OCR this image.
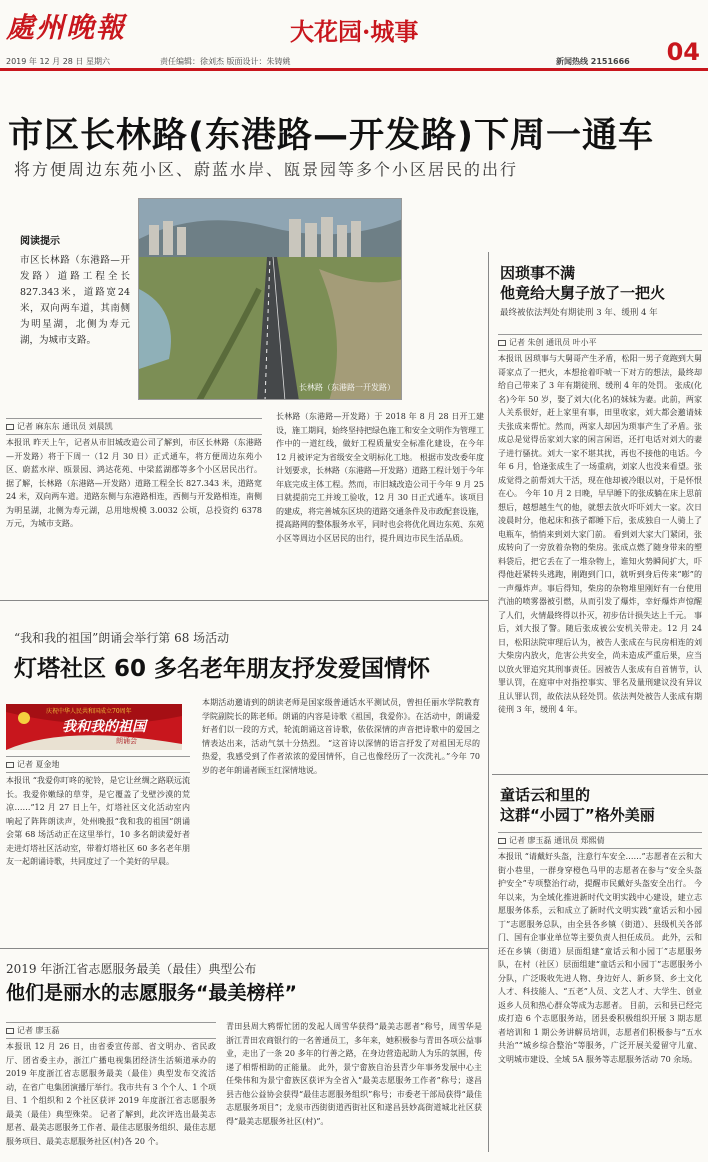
處州晚報	大花园·城事
04
2019 年 12 月 28 日 星期六	责任编辑：徐刘杰 版面设计：朱铸姚	新闻热线 2151666
市区长林路(东港路—开发路)下周一通车
将方便周边东苑小区、蔚蓝水岸、瓯景园等多个小区居民的出行
阅读提示

市区长林路（东港路—开发路）道路工程全长827.343米，道路宽24米，双向两车道，其南侧为明星湖，北侧为寿元湖，为城市支路。

长林路（东港路一开发路）
记者 麻东东 通讯员 刘晨凯
本报讯 昨天上午，记者从市旧城改造公司了解到，市区长林路（东港路—开发路）将于下周一（12 月 30 日）正式通车，将方便周边东苑小区、蔚蓝水岸、瓯景园、鸿达花苑、中梁蓝湖郡等多个小区居民出行。 据了解，长林路（东港路—开发路）道路工程全长 827.343 米，道路宽 24 米，双向两车道。道路东侧与东港路相连，西侧与开发路相连，南侧为明星湖，北侧为寿元湖，总用地规模 3.0032 公顷，总投资约 6378 万元，为城市支路。
长林路（东港路—开发路）于 2018 年 8 月 28 日开工建设，施工期间，始终坚持把绿色施工和安全文明作为管理工作中的一道红线，做好工程质量安全标准化建设，在今年 12 月被评定为省级安全文明标化工地。 根据市发改委年度计划要求，长林路（东港路—开发路）道路工程计划于今年年底完成主体工程。然而，市旧城改造公司于今年 9 月 25 日就提前完工并竣工验收，12 月 30 日正式通车。该项目的建成，将完善城东区块的道路交通条件及市政配套设施，提高路网的整体服务水平，同时也会将优化周边东苑、东苑小区等周边小区居民的出行，提升周边市民生活品质。
“我和我的祖国”朗诵会举行第 68 场活动
灯塔社区 60 多名老年朋友抒发爱国情怀
庆祝中华人民共和国成立70周年
我和我的祖国
朗诵会
记者 夏金地
本报讯 “我爱你叮咚的驼铃，是它让丝绸之路联远流长。我爱你嫩绿的草芽，是它覆盖了戈壁沙漠的荒凉……”12 月 27 日上午，灯塔社区文化活动室内响起了阵阵朗读声，处州晚报“我和我的祖国”朗诵会第 68 场活动正在这里举行，10 多名朗读爱好者走进灯塔社区活动室，带着灯塔社区 60 多名老年朋友一起朗诵诗歌，共同度过了一个美好的早晨。
本期活动邀请到的朗读老师是国家级普通话水平测试员，曾担任丽水学院教育学院副院长的陈老师。朗诵的内容是诗歌《祖国，我爱你》。在活动中，朗诵爱好者们以一段的方式，轮流朗诵这首诗歌，依依深情的声音把诗歌中的爱国之情表达出来，活动气氛十分热烈。 “这首诗以深情的语言抒发了对祖国无尽的热爱，我感受到了作者浓浓的爱国情怀，自己也像经历了一次洗礼。”今年 70 岁的老年朗诵者顾玉红深情地说。
2019 年浙江省志愿服务最美（最佳）典型公布
他们是丽水的志愿服务“最美榜样”
记者 廖玉磊
本报讯 12 月 26 日，由省委宣传部、省文明办、省民政厅、团省委主办，浙江广播电视集团经济生活频道承办的 2019 年度浙江省志愿服务最美（最佳）典型发布交流活动，在省广电集团演播厅举行。我市共有 3 个个人、1 个项目、1 个组织和 2 个社区获评 2019 年度浙江省志愿服务最美（最佳）典型殊荣。 记者了解到，此次评选出最美志愿者、最美志愿服务工作者、最佳志愿服务组织、最佳志愿服务项目、最美志愿服务社区(村)各 20 个。
青田县周大鸦帮忙团的发起人周雪华获得“最美志愿者”称号，周雪华是浙江青田农商银行的一名普通员工，多年来，她积极参与青田各项公益事业，走出了一条 20 多年的行善之路，在身边营造起助人为乐的氛围，传递了相帮相助的正能量。 此外，景宁畲族自治县青少年事务发展中心主任柴伟和为景宁畲族区获评为全省入“最美志愿服务工作者”称号；遂昌县吉他公益协会获得“最佳志愿服务组织”称号；市委老干部局获得“最佳志愿服务项目”；龙泉市西街街道西街社区和遂昌县妙高街道城北社区获得“最美志愿服务社区(村)”。
因琐事不满
他竟给大舅子放了一把火
最终被依法判处有期徒刑 3 年、缓刑 4 年
记者 朱创 通讯员 叶小平
本报讯 因琐事与大舅哥产生矛盾，松阳一男子竟跑到大舅哥家点了一把火，本想抢着吓唬一下对方的想法，最终却给自己带来了 3 年有期徒刑、缓刑 4 年的处罚。 张成(化名)今年 50 岁，娶了刘大(化名)的妹妹为妻。此前，两家人关系很好，赶上家里有事，田里收家，刘大都会邀请妹夫张成来帮忙。然而，两家人却因为琐事产生了矛盾。张成总是觉得岳家刘大家的闲言闲语，还打电话对刘大的妻子进行骚扰。刘大一家不堪其扰，再也不接他的电话。今年 6 月，恰逢张成生了一场重病，刘家人也没来看望。张成觉得之前帮刘大干活，现在他却被冷眼以对，于是怀恨在心。 今年 10 月 2 日晚，早早睡下的张成躺在床上思前想后，越想越生气的他，就想去放火吓吓刘大一家。次日凌晨时分，他起床和孩子都睡下后，张成独自一人骑上了电瓶车，悄悄来到刘大家门前。 看到刘大家大门紧闭，张成转向了一旁放着杂物的柴房。张成点燃了随身带来的塑料袋后，把它丢在了一堆杂物上，谁知火势瞬间扩大，吓得他赶紧转头逃跑，刚跑到门口，就听到身后传来“嘭”的一声爆炸声。事后得知，柴房的杂物堆里刚好有一台使用汽油的喷雾器被引燃，从而引发了爆炸，幸好爆炸声惊醒了人们，火情最终得以扑灭，初步估计损失达上千元。 事后，刘大报了警。随后张成被公安机关带走。12 月 24 日，松阳法院审理后认为，被告人张成在与民房相连的刘大柴房内放火，危害公共安全，尚未造成严重后果，应当以放火罪追究其刑事责任。因被告人张成有自首情节，认罪认罚，在庭审中对指控事实、罪名及量刑建议没有异议且认罪认罚，故依法从轻处罚。依法判处被告人张成有期徒刑 3 年，缓刑 4 年。
童话云和里的
这群“小园丁”格外美丽
记者 廖玉磊 通讯员 郑熙倩
本报讯 “请戴好头盔，注意行车安全……”志愿者在云和大街小巷里，一群身穿橙色马甲的志愿者在参与“安全头盔护安全”专项整治行动，提醒市民戴好头盔安全出行。 今年以来，为全域化推进新时代文明实践中心建设，建立志愿服务体系，云和成立了新时代文明实践“童话云和小园丁”志愿服务总队，由全县各乡镇（街道）、县级机关各部门、国有企事业单位等主要负责人担任成员。 此外，云和还在乡镇（街道）层面组建“童话云和小园丁”志愿服务队，在村（社区）层面组建“童话云和小园丁”志愿服务小分队，广泛吸收先进人物、身边好人、新乡贤、乡土文化人才、科技能人、“五老”人员、文艺人才、大学生、创业返乡人员和热心群众等成为志愿者。 目前，云和县已经完成打造 6 个志愿服务站，团县委积极组织开展 3 期志愿者培训和 1 期公务讲解员培训，志愿者们积极参与“五水共治”“城乡综合整治”等服务，广泛开展关爱留守儿童、文明城市建设、全域 5A 服务等志愿服务活动 70 余场。
